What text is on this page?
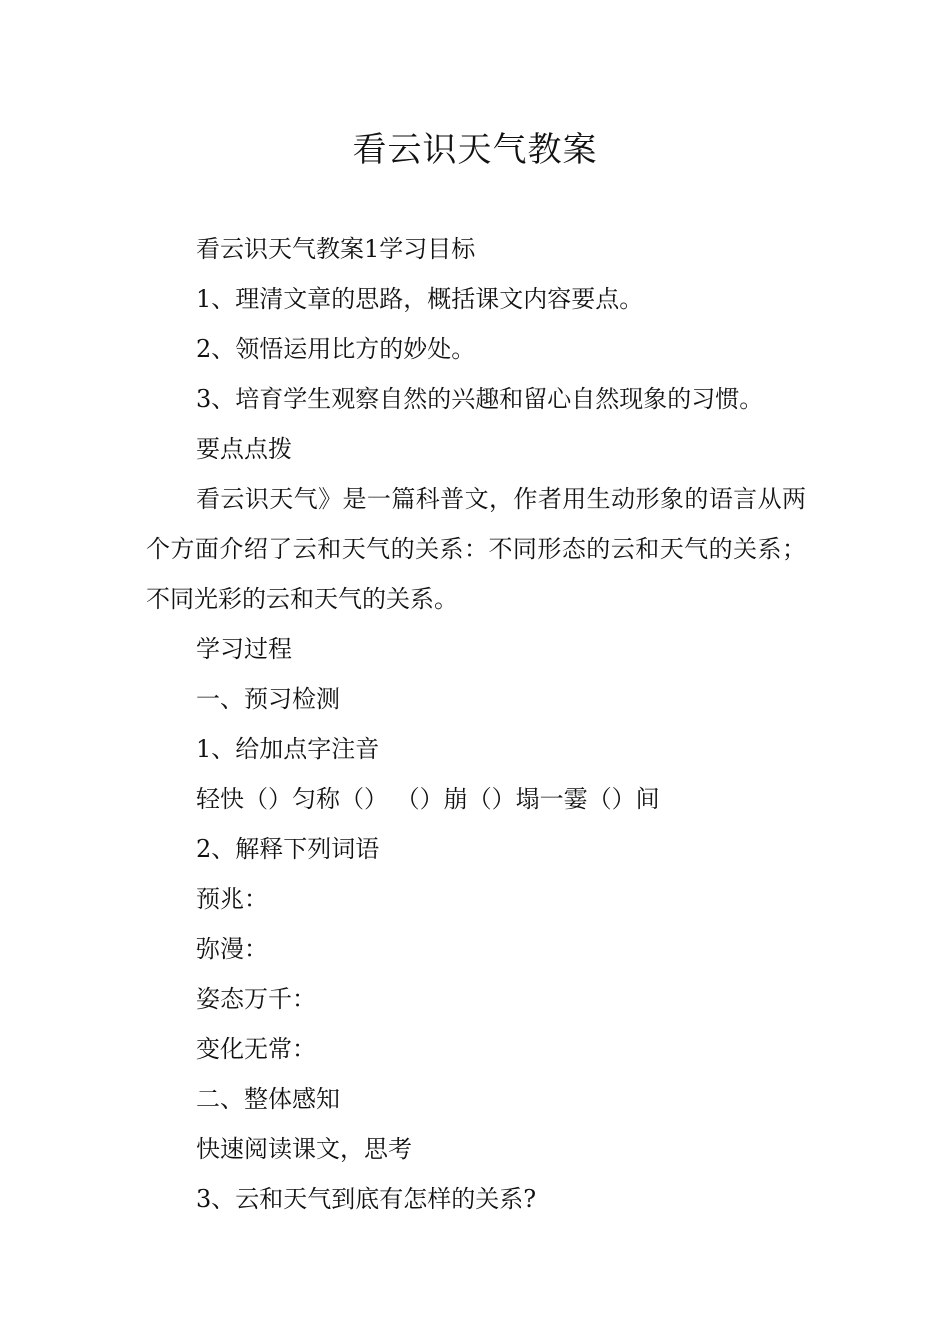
看云识天气教案

看云识天气教案1学习目标

1、理清文章的思路，概括课文内容要点。

2、领悟运用比方的妙处。

3、培育学生观察自然的兴趣和留心自然现象的习惯。

要点点拨

看云识天气》是一篇科普文，作者用生动形象的语言从两个方面介绍了云和天气的关系：不同形态的云和天气的关系；不同光彩的云和天气的关系。

学习过程

一、预习检测

1、给加点字注音

轻快（）匀称（） （）崩（）塌一霎（）间

2、解释下列词语

预兆：

弥漫：

姿态万千：

变化无常：

二、整体感知

快速阅读课文，思考

3、云和天气到底有怎样的关系?
